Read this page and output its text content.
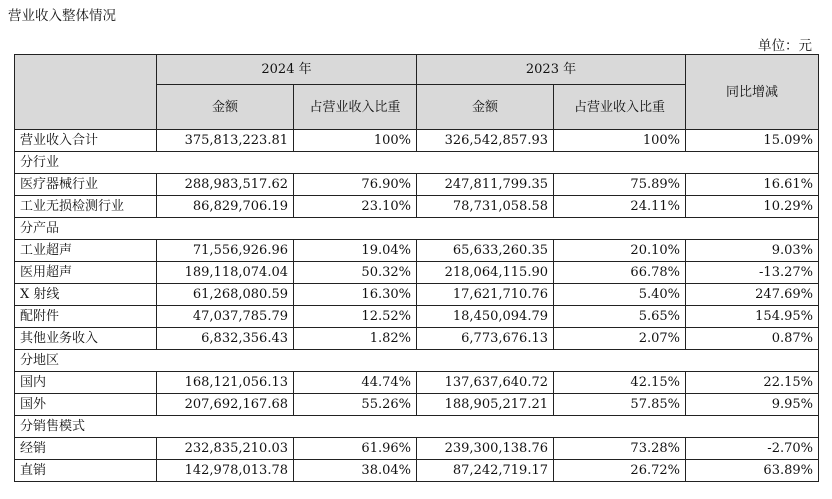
营业收入整体情况
单位：元
	2024 年		2023 年		同比增减
	金额	占营业收入比重	金额	占营业收入比重	
营业收入合计	375,813,223.81	100%	326,542,857.93	100%	15.09%
分行业					
医疗器械行业	288,983,517.62	76.90%	247,811,799.35	75.89%	16.61%
工业无损检测行业	86,829,706.19	23.10%	78,731,058.58	24.11%	10.29%
分产品					
工业超声	71,556,926.96	19.04%	65,633,260.35	20.10%	9.03%
医用超声	189,118,074.04	50.32%	218,064,115.90	66.78%	-13.27%
X 射线	61,268,080.59	16.30%	17,621,710.76	5.40%	247.69%
配附件	47,037,785.79	12.52%	18,450,094.79	5.65%	154.95%
其他业务收入	6,832,356.43	1.82%	6,773,676.13	2.07%	0.87%
分地区					
国内	168,121,056.13	44.74%	137,637,640.72	42.15%	22.15%
国外	207,692,167.68	55.26%	188,905,217.21	57.85%	9.95%
分销售模式					
经销	232,835,210.03	61.96%	239,300,138.76	73.28%	-2.70%
直销	142,978,013.78	38.04%	87,242,719.17	26.72%	63.89%
